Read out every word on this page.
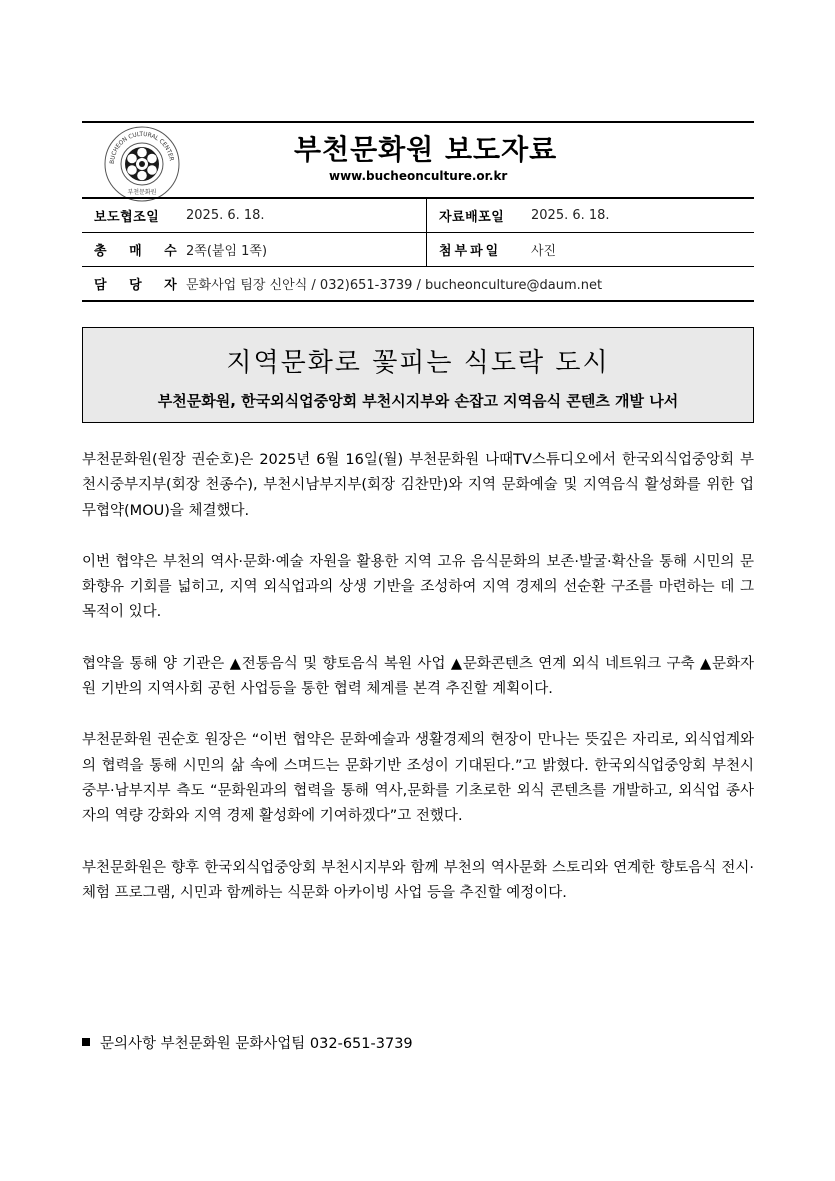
BUCHEON CULTURAL CENTER
부천문화원
부천문화원 보도자료
www.bucheonculture.or.kr
보도협조일	2025. 6. 18.	자료배포일	2025. 6. 18.
총 매 수	2쪽(붙임 1쪽)	첨부파일	사진
담 당 자	문화사업 팀장 신안식 / 032)651-3739 / bucheonculture@daum.net		
지역문화로 꽃피는 식도락 도시
부천문화원, 한국외식업중앙회 부천시지부와 손잡고 지역음식 콘텐츠 개발 나서

부천문화원(원장 권순호)은 2025년 6월 16일(월) 부천문화원 나때TV스튜디오에서 한국외식업중앙회 부천시중부지부(회장 천종수), 부천시남부지부(회장 김찬만)와 지역 문화예술 및 지역음식 활성화를 위한 업무협약(MOU)을 체결했다.

이번 협약은 부천의 역사·문화·예술 자원을 활용한 지역 고유 음식문화의 보존·발굴·확산을 통해 시민의 문화향유 기회를 넓히고, 지역 외식업과의 상생 기반을 조성하여 지역 경제의 선순환 구조를 마련하는 데 그 목적이 있다.

협약을 통해 양 기관은 ▲전통음식 및 향토음식 복원 사업 ▲문화콘텐츠 연계 외식 네트워크 구축 ▲문화자원 기반의 지역사회 공헌 사업등을 통한 협력 체계를 본격 추진할 계획이다.

부천문화원 권순호 원장은 “이번 협약은 문화예술과 생활경제의 현장이 만나는 뜻깊은 자리로, 외식업계와의 협력을 통해 시민의 삶 속에 스며드는 문화기반 조성이 기대된다.”고 밝혔다. 한국외식업중앙회 부천시 중부·남부지부 측도 “문화원과의 협력을 통해 역사,문화를 기초로한 외식 콘텐츠를 개발하고, 외식업 종사자의 역량 강화와 지역 경제 활성화에 기여하겠다”고 전했다.

부천문화원은 향후 한국외식업중앙회 부천시지부와 함께 부천의 역사문화 스토리와 연계한 향토음식 전시·체험 프로그램, 시민과 함께하는 식문화 아카이빙 사업 등을 추진할 예정이다.

문의사항 부천문화원 문화사업팀 032-651-3739
